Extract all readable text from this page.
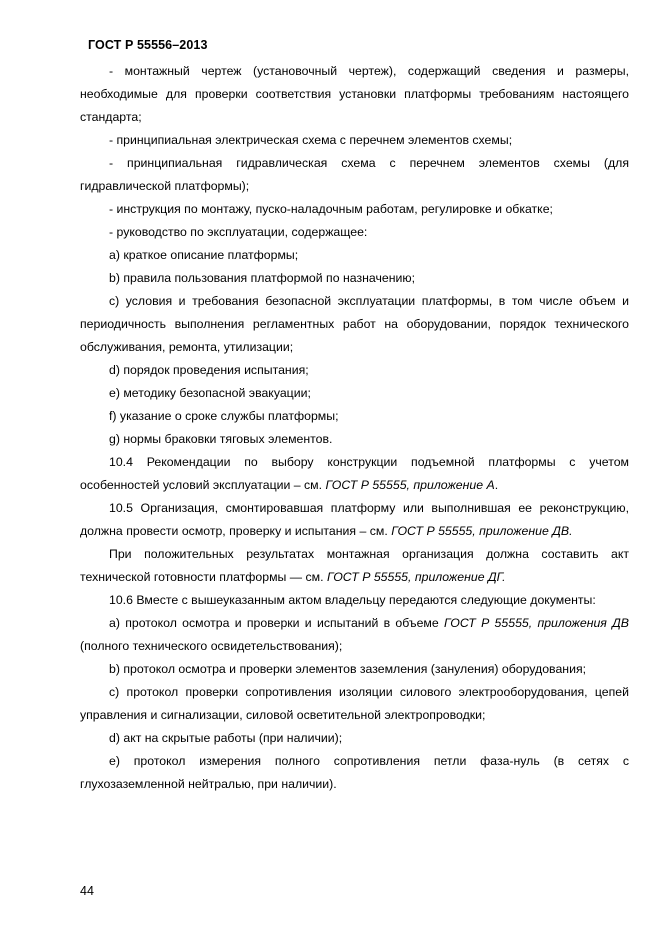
ГОСТ Р 55556–2013

- монтажный чертеж (установочный чертеж), содержащий сведения и размеры, необходимые для проверки соответствия установки платформы требованиям настоящего стандарта;

- принципиальная электрическая схема с перечнем элементов схемы;

- принципиальная гидравлическая схема с перечнем элементов схемы (для гидравлической платформы);

- инструкция по монтажу, пуско-наладочным работам, регулировке и обкатке;

- руководство по эксплуатации, содержащее:

a) краткое описание платформы;

b) правила пользования платформой по назначению;

c) условия и требования безопасной эксплуатации платформы, в том числе объем и периодичность выполнения регламентных работ на оборудовании, порядок технического обслуживания, ремонта, утилизации;

d) порядок проведения испытания;

e) методику безопасной эвакуации;

f) указание о сроке службы платформы;

g) нормы браковки тяговых элементов.

10.4 Рекомендации по выбору конструкции подъемной платформы с учетом особенностей условий эксплуатации – см. ГОСТ Р 55555, приложение А.

10.5 Организация, смонтировавшая платформу или выполнившая ее реконструкцию, должна провести осмотр, проверку и испытания – см. ГОСТ Р 55555, приложение ДВ.

При положительных результатах монтажная организация должна составить акт технической готовности платформы — см. ГОСТ Р 55555, приложение ДГ.

10.6 Вместе с вышеуказанным актом владельцу передаются следующие документы:

a) протокол осмотра и проверки и испытаний в объеме ГОСТ Р 55555, приложения ДВ (полного технического освидетельствования);

b) протокол осмотра и проверки элементов заземления (зануления) оборудования;

c) протокол проверки сопротивления изоляции силового электрооборудования, цепей управления и сигнализации, силовой осветительной электропроводки;

d) акт на скрытые работы (при наличии);

e) протокол измерения полного сопротивления петли фаза-нуль (в сетях с глухозаземленной нейтралью, при наличии).

44
